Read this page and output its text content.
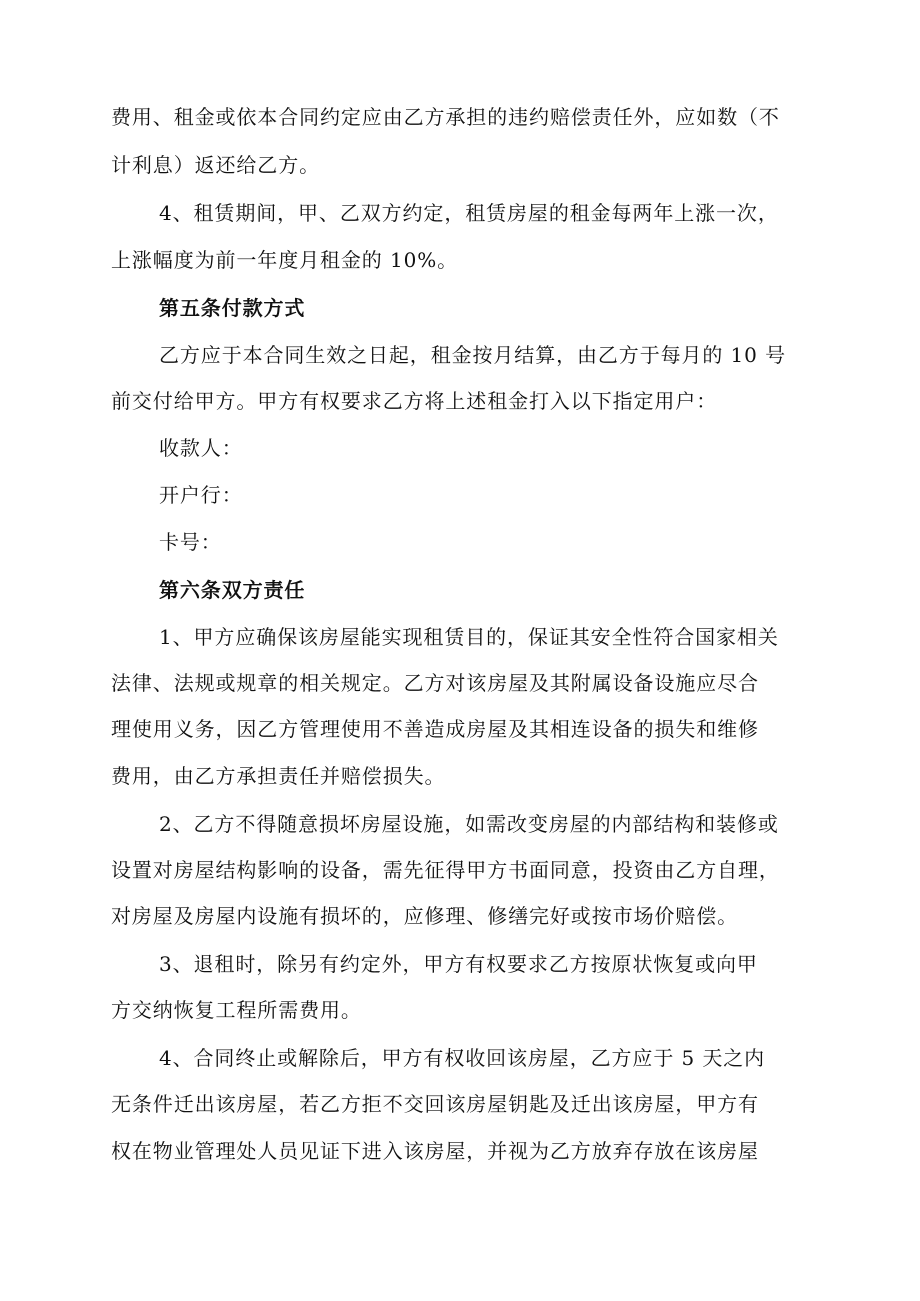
费用、租金或依本合同约定应由乙方承担的违约赔偿责任外，应如数（不
计利息）返还给乙方。
4、租赁期间，甲、乙双方约定，租赁房屋的租金每两年上涨一次，
上涨幅度为前一年度月租金的 10%。
第五条付款方式
乙方应于本合同生效之日起，租金按月结算，由乙方于每月的 10 号
前交付给甲方。甲方有权要求乙方将上述租金打入以下指定用户：
收款人：
开户行：
卡号：
第六条双方责任
1、甲方应确保该房屋能实现租赁目的，保证其安全性符合国家相关
法律、法规或规章的相关规定。乙方对该房屋及其附属设备设施应尽合
理使用义务，因乙方管理使用不善造成房屋及其相连设备的损失和维修
费用，由乙方承担责任并赔偿损失。
2、乙方不得随意损坏房屋设施，如需改变房屋的内部结构和装修或
设置对房屋结构影响的设备，需先征得甲方书面同意，投资由乙方自理，
对房屋及房屋内设施有损坏的，应修理、修缮完好或按市场价赔偿。
3、退租时，除另有约定外，甲方有权要求乙方按原状恢复或向甲
方交纳恢复工程所需费用。
4、合同终止或解除后，甲方有权收回该房屋，乙方应于 5 天之内
无条件迁出该房屋，若乙方拒不交回该房屋钥匙及迁出该房屋，甲方有
权在物业管理处人员见证下进入该房屋，并视为乙方放弃存放在该房屋
